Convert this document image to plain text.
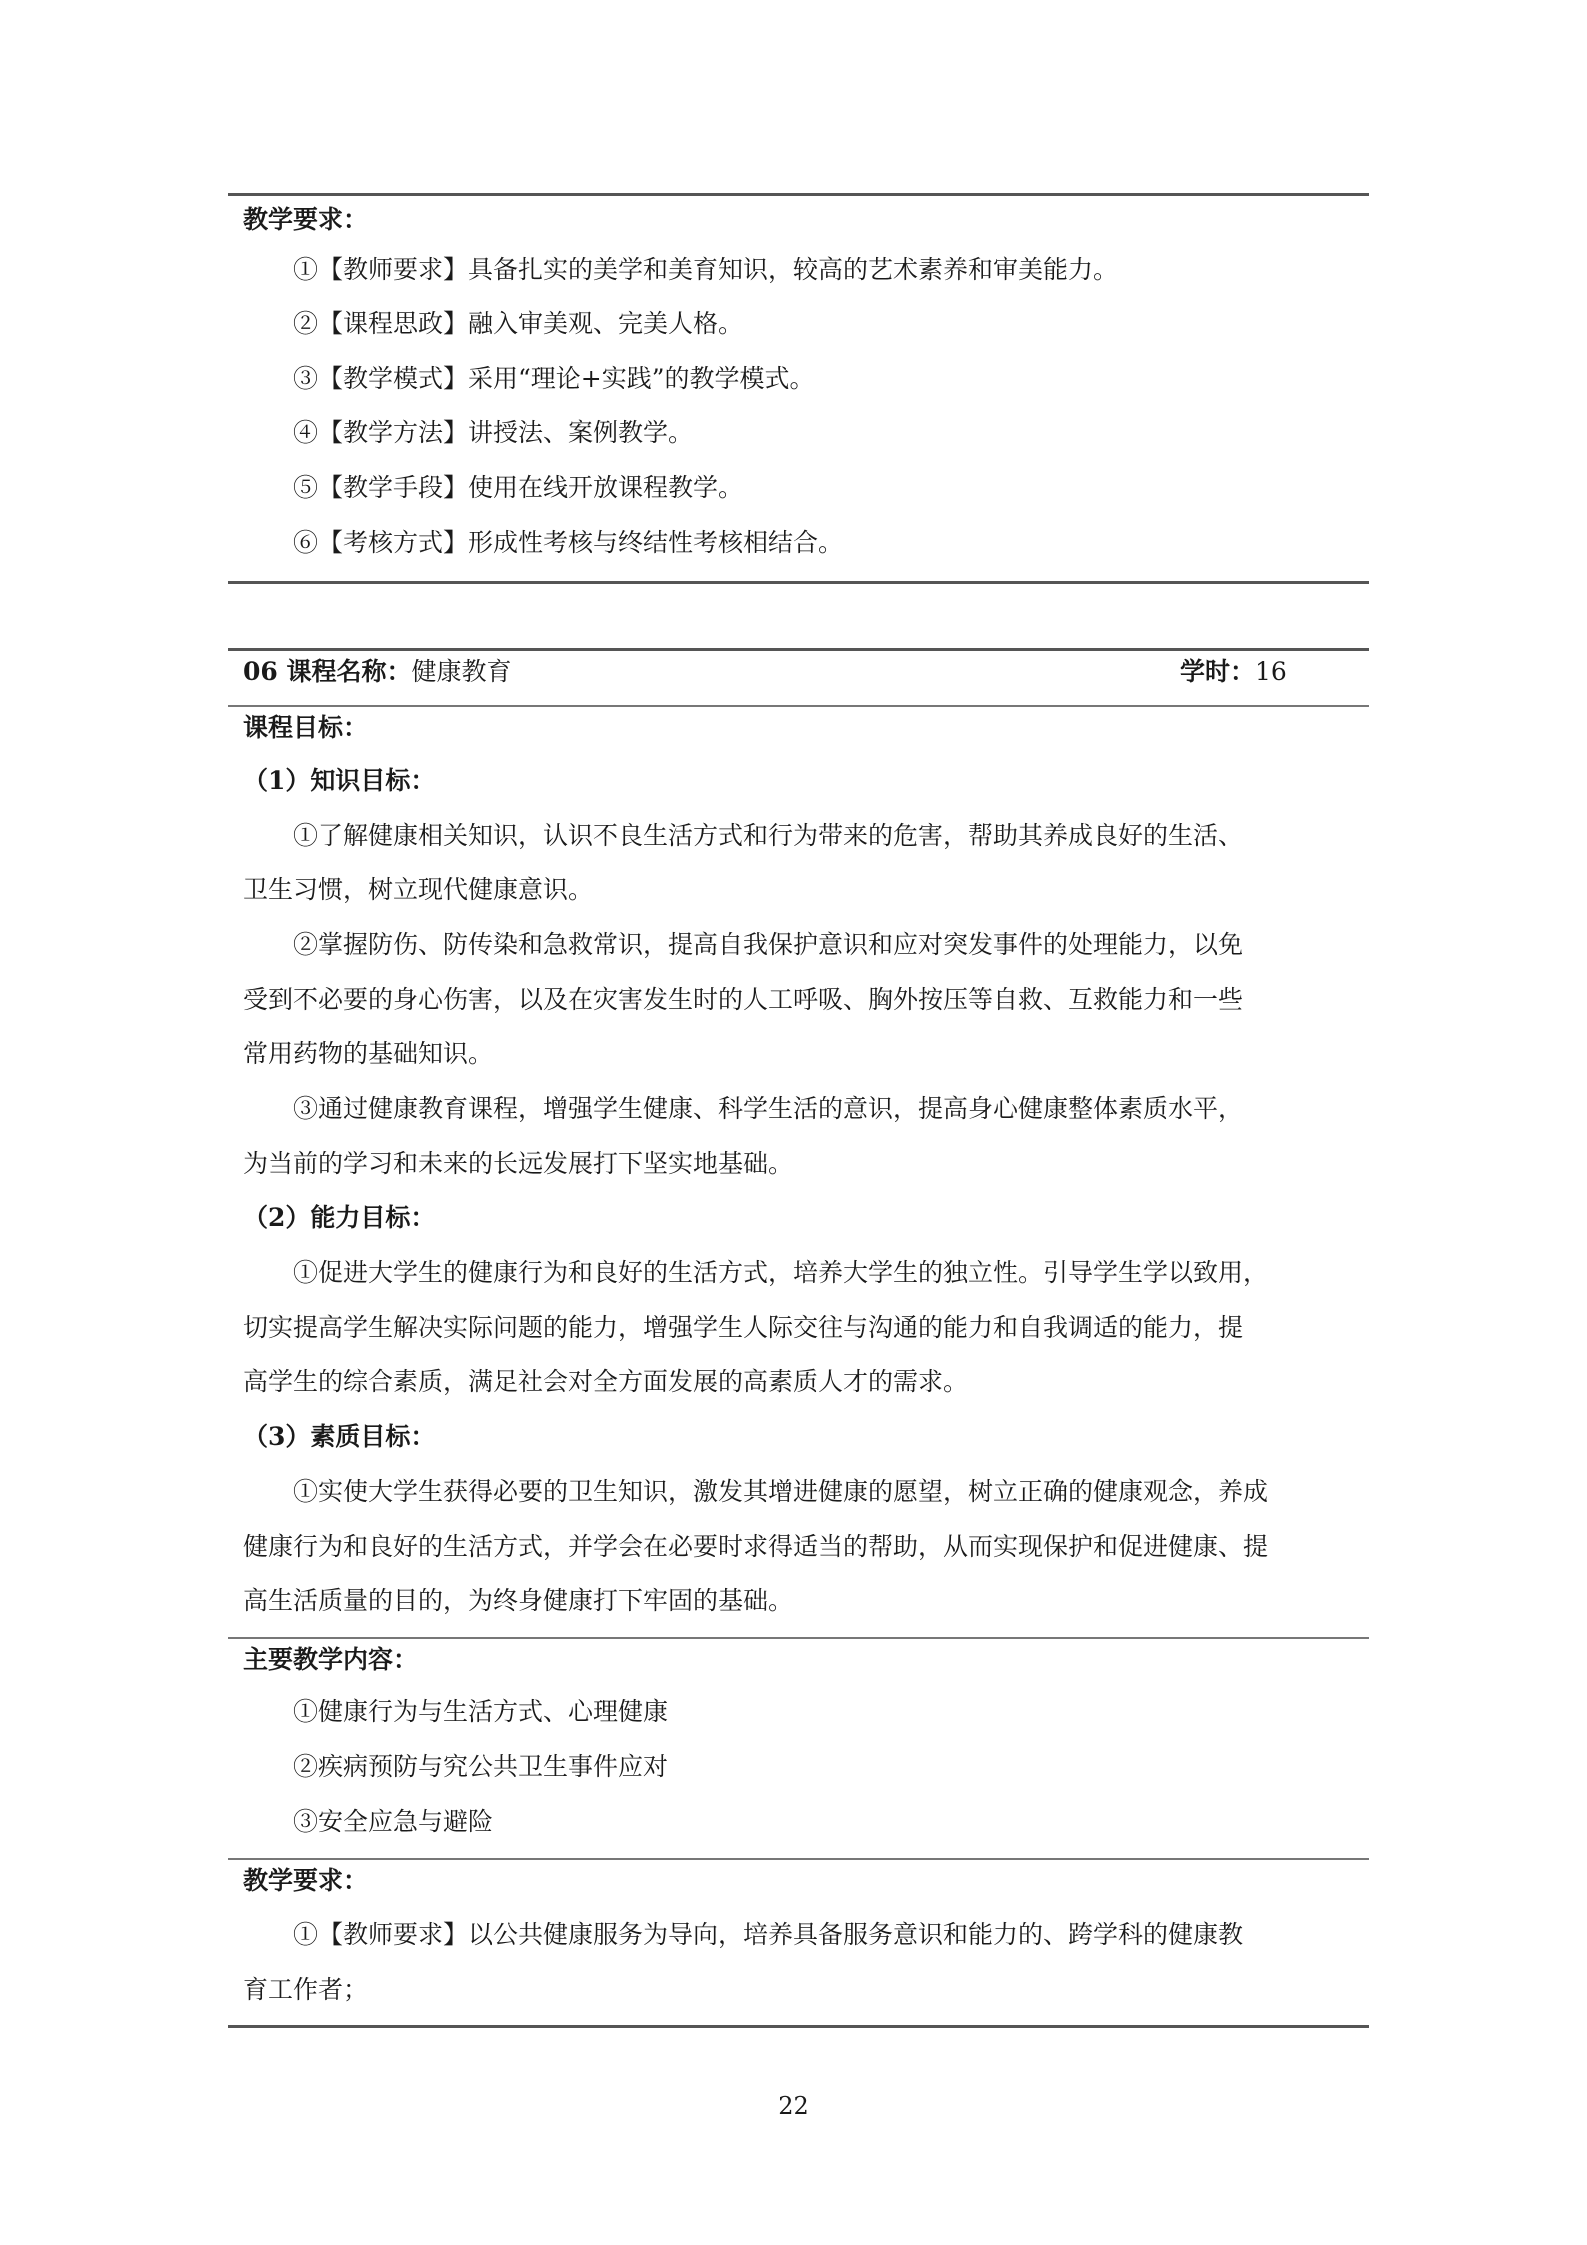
教学要求：
①【教师要求】具备扎实的美学和美育知识，较高的艺术素养和审美能力。
②【课程思政】融入审美观、完美人格。
③【教学模式】采用“理论+实践”的教学模式。
④【教学方法】讲授法、案例教学。
⑤【教学手段】使用在线开放课程教学。
⑥【考核方式】形成性考核与终结性考核相结合。
06 课程名称：健康教育	学时：16
课程目标：
（1）知识目标：
①了解健康相关知识，认识不良生活方式和行为带来的危害，帮助其养成良好的生活、
卫生习惯，树立现代健康意识。
②掌握防伤、防传染和急救常识，提高自我保护意识和应对突发事件的处理能力，以免
受到不必要的身心伤害，以及在灾害发生时的人工呼吸、胸外按压等自救、互救能力和一些
常用药物的基础知识。
③通过健康教育课程，增强学生健康、科学生活的意识，提高身心健康整体素质水平，
为当前的学习和未来的长远发展打下坚实地基础。
（2）能力目标：
①促进大学生的健康行为和良好的生活方式，培养大学生的独立性。引导学生学以致用，
切实提高学生解决实际问题的能力，增强学生人际交往与沟通的能力和自我调适的能力，提
高学生的综合素质，满足社会对全方面发展的高素质人才的需求。
（3）素质目标：
①实使大学生获得必要的卫生知识，激发其增进健康的愿望，树立正确的健康观念，养成
健康行为和良好的生活方式，并学会在必要时求得适当的帮助，从而实现保护和促进健康、提
高生活质量的目的，为终身健康打下牢固的基础。
主要教学内容：
①健康行为与生活方式、心理健康
②疾病预防与究公共卫生事件应对
③安全应急与避险
教学要求：
①【教师要求】以公共健康服务为导向，培养具备服务意识和能力的、跨学科的健康教
育工作者；
22
